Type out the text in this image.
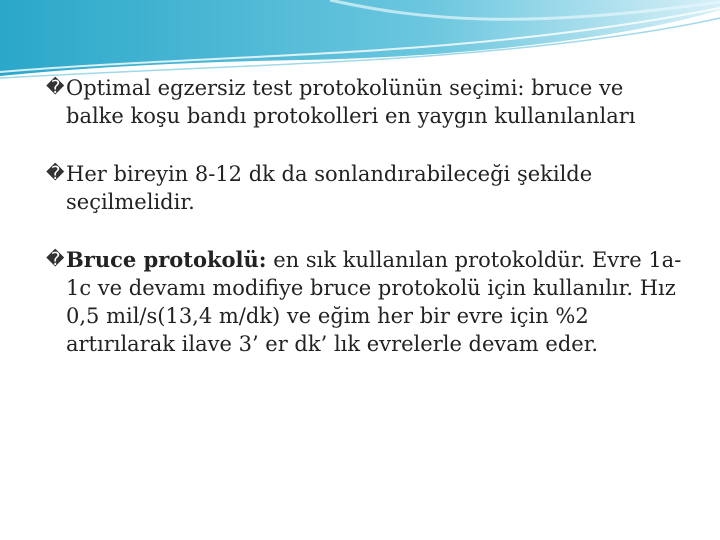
� Optimal egzersiz test protokolünün seçimi: bruce ve balke koşu bandı protokolleri en yaygın kullanılanları
� Her bireyin 8-12 dk da sonlandırabileceği şekilde seçilmelidir.
� Bruce protokolü: en sık kullanılan protokoldür. Evre 1a-1c ve devamı modifiye bruce protokolü için kullanılır. Hız 0,5 mil/s(13,4 m/dk) ve eğim her bir evre için %2 artırılarak ilave 3’ er dk’ lık evrelerle devam eder.
